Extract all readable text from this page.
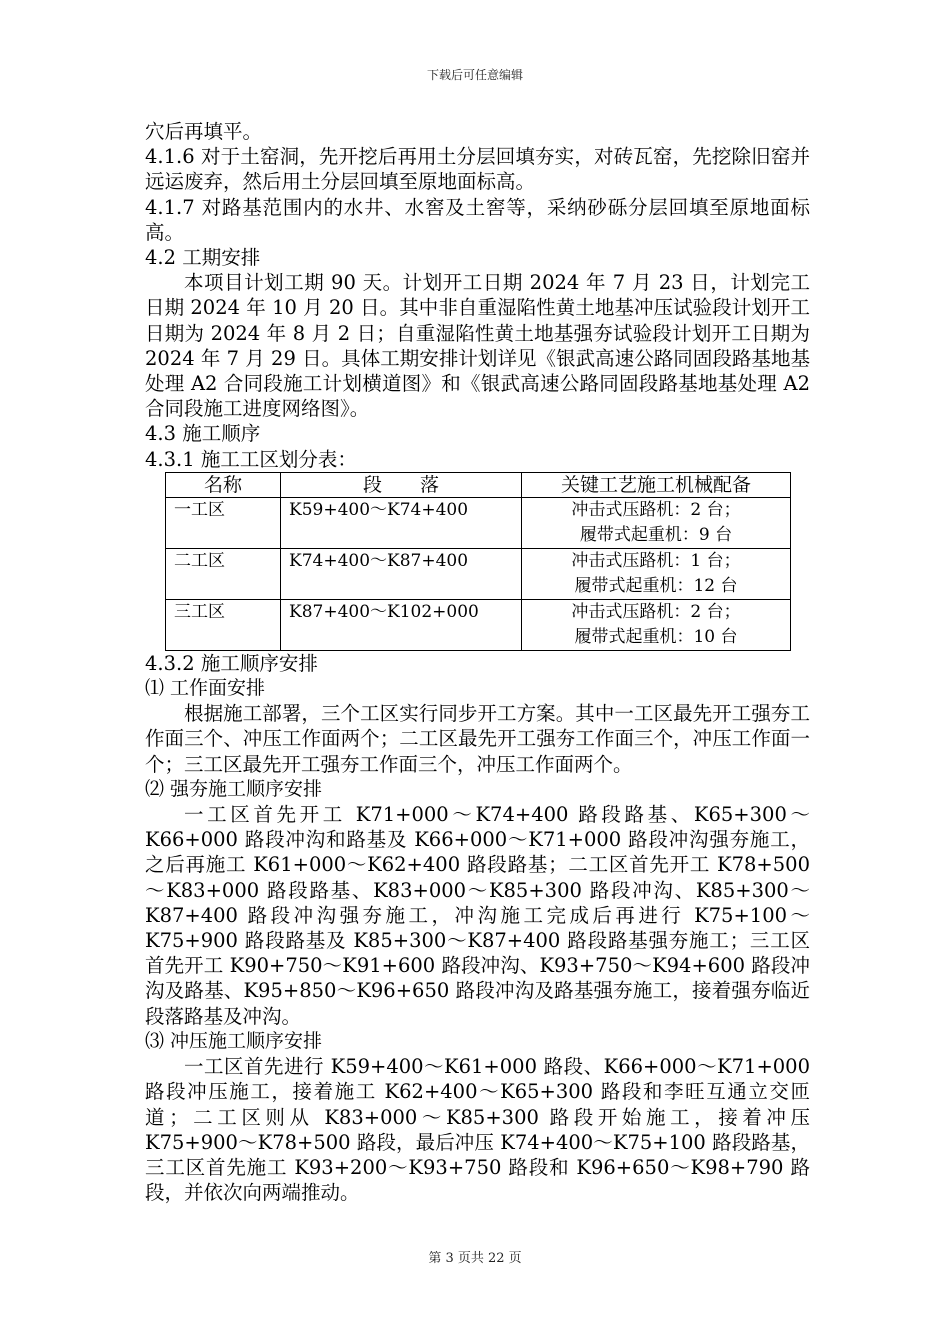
下载后可任意编辑

穴后再填平。

4.1.6 对于土窑洞，先开挖后再用土分层回填夯实，对砖瓦窑，先挖除旧窑并远运废弃，然后用土分层回填至原地面标高。

4.1.7 对路基范围内的水井、水窖及土窖等，采纳砂砾分层回填至原地面标高。

4.2 工期安排

本项目计划工期 90 天。计划开工日期 2024 年 7 月 23 日，计划完工日期 2024 年 10 月 20 日。其中非自重湿陷性黄土地基冲压试验段计划开工日期为 2024 年 8 月 2 日；自重湿陷性黄土地基强夯试验段计划开工日期为 2024 年 7 月 29 日。具体工期安排计划详见《银武高速公路同固段路基地基处理 A2 合同段施工计划横道图》和《银武高速公路同固段路基地基处理 A2 合同段施工进度网络图》。

4.3 施工顺序

4.3.1 施工工区划分表：

名称	段　　落	关键工艺施工机械配备
一工区	K59+400～K74+400	冲击式压路机：2 台；
履带式起重机：9 台

二工区	K74+400～K87+400	冲击式压路机：1 台；
履带式起重机：12 台

三工区	K87+400～K102+000	冲击式压路机：2 台；
履带式起重机：10 台

4.3.2 施工顺序安排

⑴ 工作面安排

根据施工部署，三个工区实行同步开工方案。其中一工区最先开工强夯工作面三个、冲压工作面两个；二工区最先开工强夯工作面三个，冲压工作面一个；三工区最先开工强夯工作面三个，冲压工作面两个。

⑵ 强夯施工顺序安排

一工区首先开工 K71+000～K74+400 路段路基、K65+300～K66+000 路段冲沟和路基及 K66+000～K71+000 路段冲沟强夯施工，之后再施工 K61+000～K62+400 路段路基；二工区首先开工 K78+500～K83+000 路段路基、K83+000～K85+300 路段冲沟、K85+300～K87+400 路段冲沟强夯施工，冲沟施工完成后再进行 K75+100～K75+900 路段路基及 K85+300～K87+400 路段路基强夯施工；三工区首先开工 K90+750～K91+600 路段冲沟、K93+750～K94+600 路段冲沟及路基、K95+850～K96+650 路段冲沟及路基强夯施工，接着强夯临近段落路基及冲沟。

⑶ 冲压施工顺序安排

一工区首先进行 K59+400～K61+000 路段、K66+000～K71+000 路段冲压施工，接着施工 K62+400～K65+300 路段和李旺互通立交匝道；二工区则从 K83+000～K85+300 路段开始施工，接着冲压 K75+900～K78+500 路段，最后冲压 K74+400～K75+100 路段路基，三工区首先施工 K93+200～K93+750 路段和 K96+650～K98+790 路段，并依次向两端推动。

第 3 页共 22 页
